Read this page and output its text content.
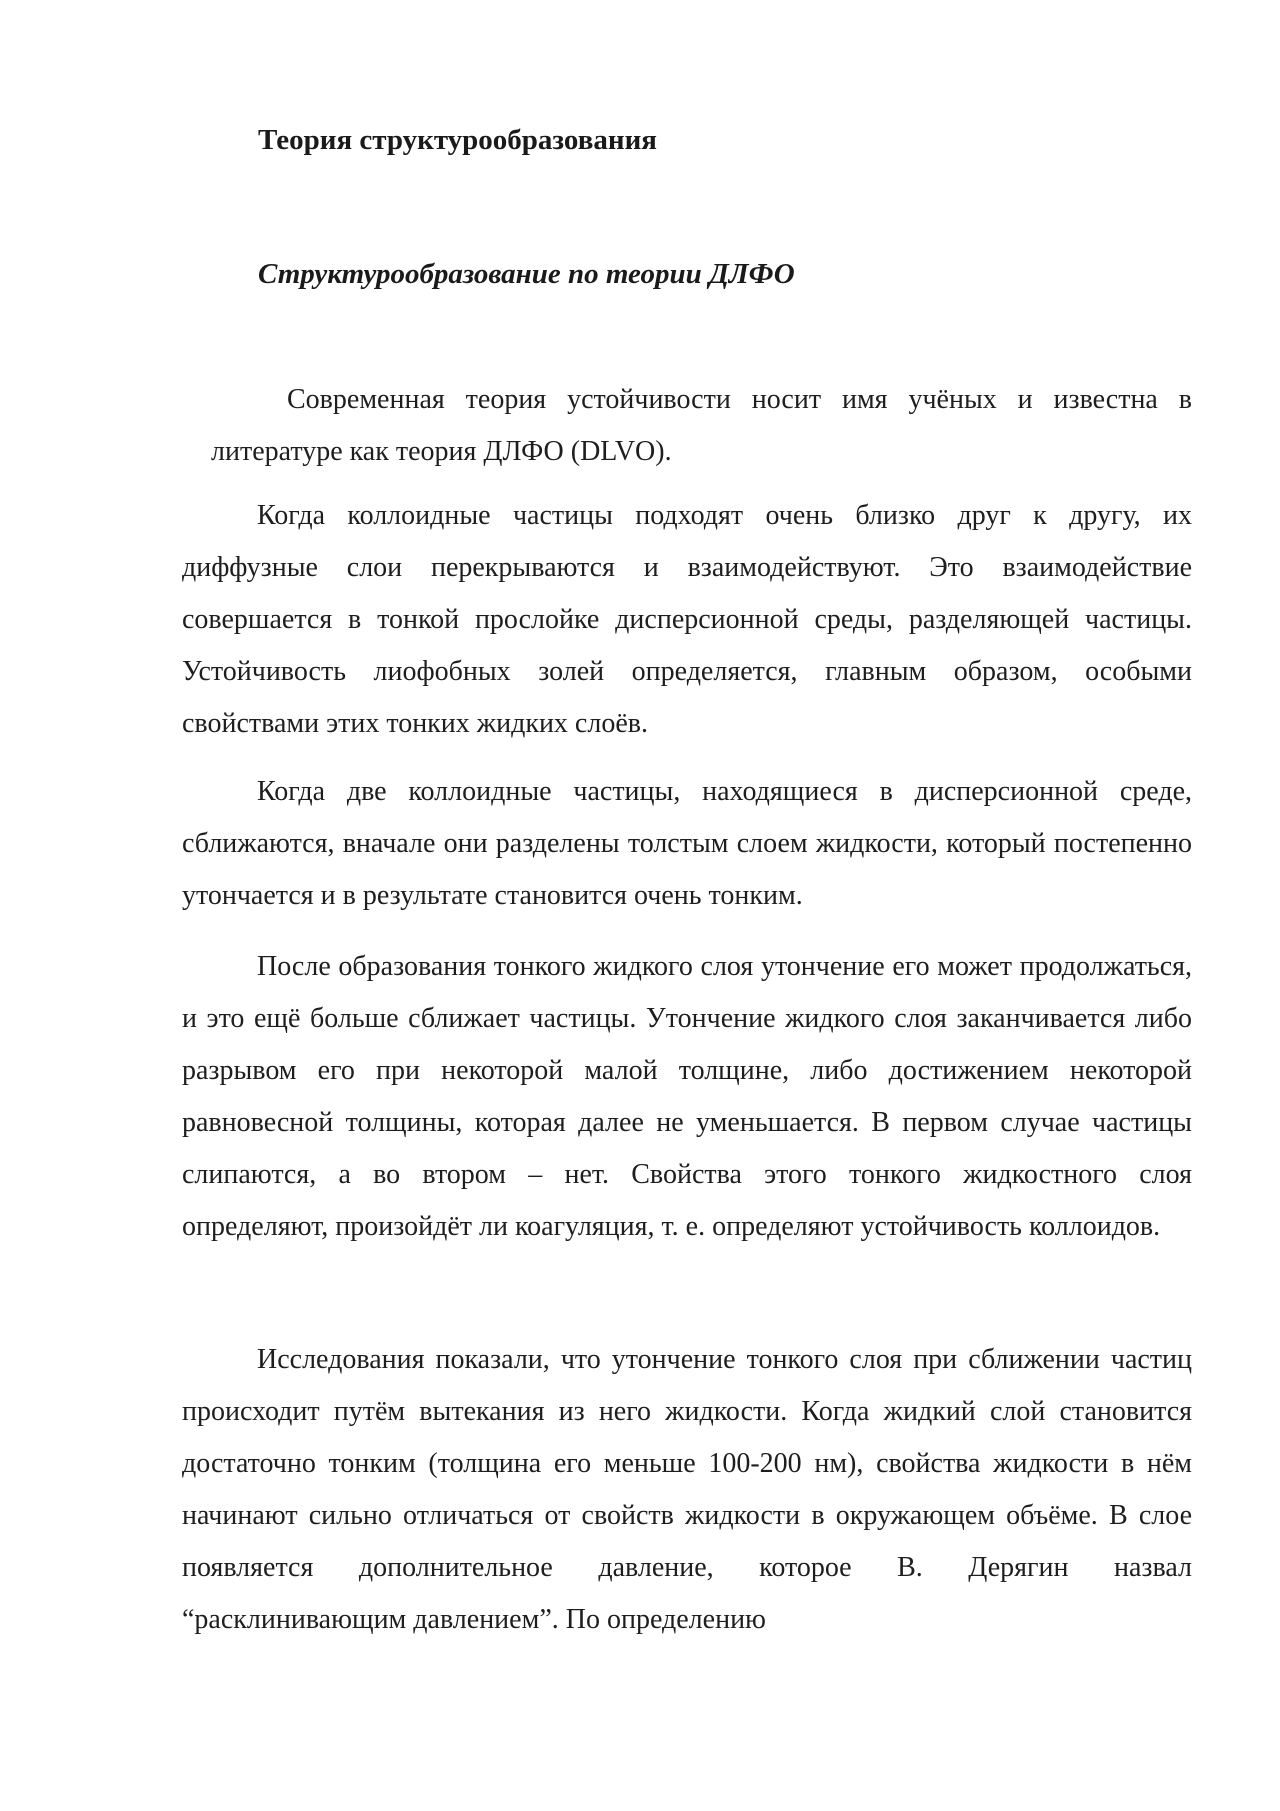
Теория структурообразования
Структурообразование по теории ДЛФО

Современная теория устойчивости носит имя учёных и известна в литературе как теория ДЛФО (DLVO).

Когда коллоидные частицы подходят очень близко друг к другу, их диффузные слои перекрываются и взаимодействуют. Это взаимодействие совершается в тонкой прослойке дисперсионной среды, разделяющей частицы. Устойчивость лиофобных золей определяется, главным образом, особыми свойствами этих тонких жидких слоёв.

Когда две коллоидные частицы, находящиеся в дисперсионной среде, сближаются, вначале они разделены толстым слоем жидкости, который постепенно утончается и в результате становится очень тонким.

После образования тонкого жидкого слоя утончение его может продолжаться, и это ещё больше сближает частицы. Утончение жидкого слоя заканчивается либо разрывом его при некоторой малой толщине, либо достижением некоторой равновесной толщины, которая далее не уменьшается. В первом случае частицы слипаются, а во втором – нет. Свойства этого тонкого жидкостного слоя определяют, произойдёт ли коагуляция, т. е. определяют устойчивость коллоидов.

Исследования показали, что утончение тонкого слоя при сближении частиц происходит путём вытекания из него жидкости. Когда жидкий слой становится достаточно тонким (толщина его меньше 100-200 нм), свойства жидкости в нём начинают сильно отличаться от свойств жидкости в окружающем объёме. В слое появляется дополнительное давление, которое В. Дерягин назвал “расклинивающим давлением”. По определению
